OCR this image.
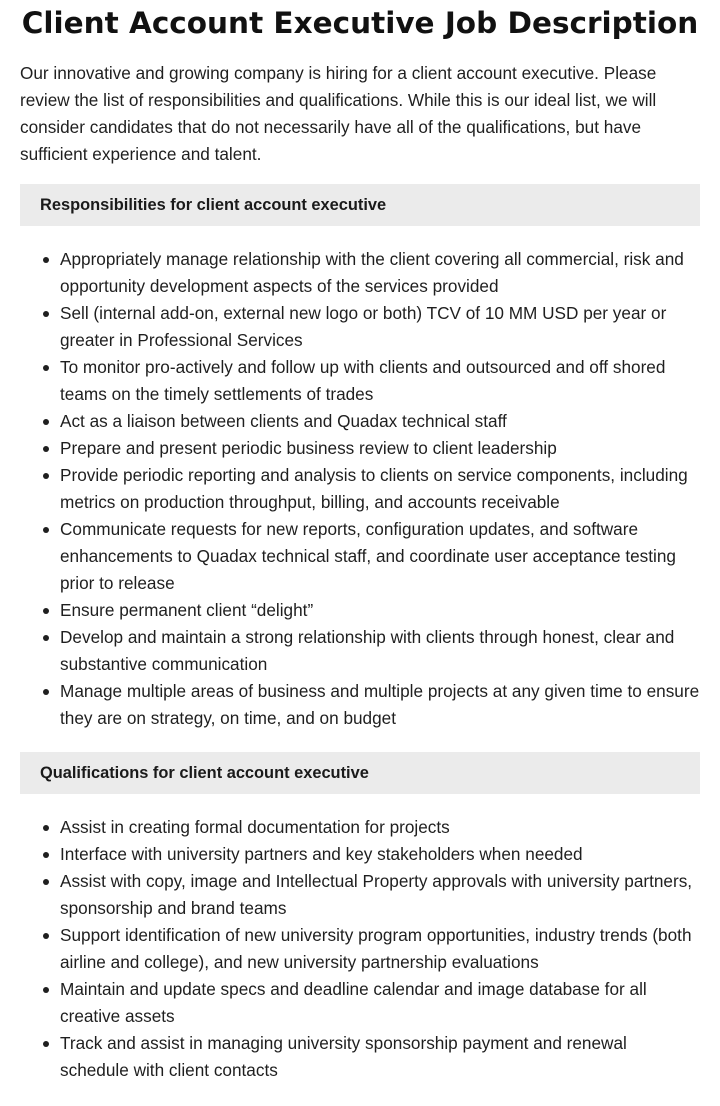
Client Account Executive Job Description

Our innovative and growing company is hiring for a client account executive. Please review the list of responsibilities and qualifications. While this is our ideal list, we will consider candidates that do not necessarily have all of the qualifications, but have sufficient experience and talent.

Responsibilities for client account executive
Appropriately manage relationship with the client covering all commercial, risk and opportunity development aspects of the services provided
Sell (internal add-on, external new logo or both) TCV of 10 MM USD per year or greater in Professional Services
To monitor pro-actively and follow up with clients and outsourced and off shored teams on the timely settlements of trades
Act as a liaison between clients and Quadax technical staff
Prepare and present periodic business review to client leadership
Provide periodic reporting and analysis to clients on service components, including metrics on production throughput, billing, and accounts receivable
Communicate requests for new reports, configuration updates, and software enhancements to Quadax technical staff, and coordinate user acceptance testing prior to release
Ensure permanent client “delight”
Develop and maintain a strong relationship with clients through honest, clear and substantive communication
Manage multiple areas of business and multiple projects at any given time to ensure they are on strategy, on time, and on budget
Qualifications for client account executive
Assist in creating formal documentation for projects
Interface with university partners and key stakeholders when needed
Assist with copy, image and Intellectual Property approvals with university partners, sponsorship and brand teams
Support identification of new university program opportunities, industry trends (both airline and college), and new university partnership evaluations
Maintain and update specs and deadline calendar and image database for all creative assets
Track and assist in managing university sponsorship payment and renewal schedule with client contacts
